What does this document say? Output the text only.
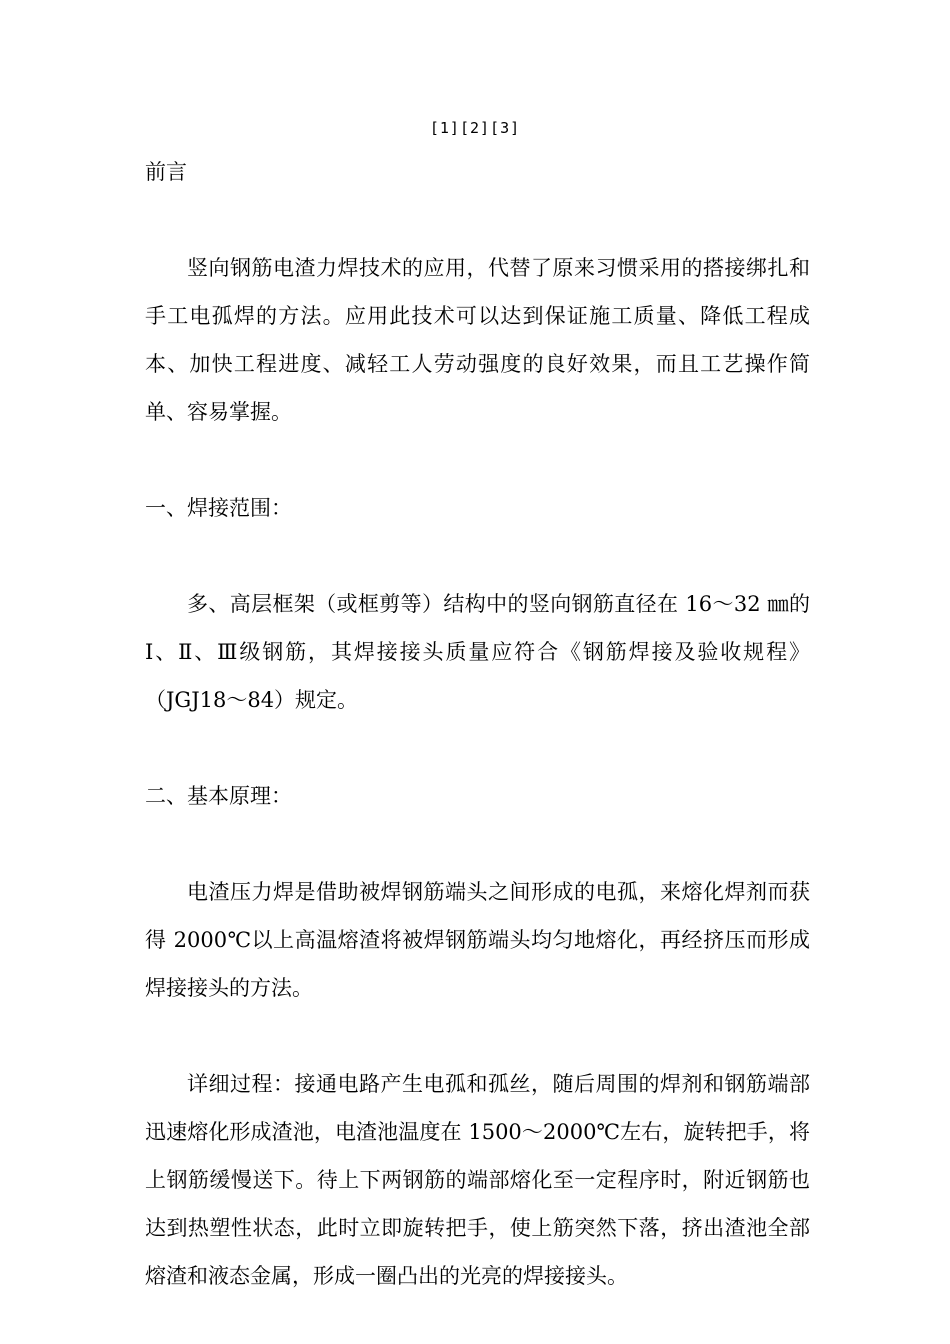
[1][2][3]

前言

竖向钢筋电渣力焊技术的应用，代替了原来习惯采用的搭接绑扎和手工电孤焊的方法。应用此技术可以达到保证施工质量、降低工程成本、加快工程进度、减轻工人劳动强度的良好效果，而且工艺操作简单、容易掌握。

一、焊接范围：

多、高层框架（或框剪等）结构中的竖向钢筋直径在 16～32 ㎜的Ⅰ、Ⅱ、Ⅲ级钢筋，其焊接接头质量应符合《钢筋焊接及验收规程》（JGJ18～84）规定。

二、基本原理：

电渣压力焊是借助被焊钢筋端头之间形成的电孤，来熔化焊剂而获得 2000℃以上高温熔渣将被焊钢筋端头均匀地熔化，再经挤压而形成焊接接头的方法。

详细过程：接通电路产生电孤和孤丝，随后周围的焊剂和钢筋端部迅速熔化形成渣池，电渣池温度在 1500～2000℃左右，旋转把手，将上钢筋缓慢送下。待上下两钢筋的端部熔化至一定程序时，附近钢筋也达到热塑性状态，此时立即旋转把手，使上筋突然下落，挤出渣池全部熔渣和液态金属，形成一圈凸出的光亮的焊接接头。
